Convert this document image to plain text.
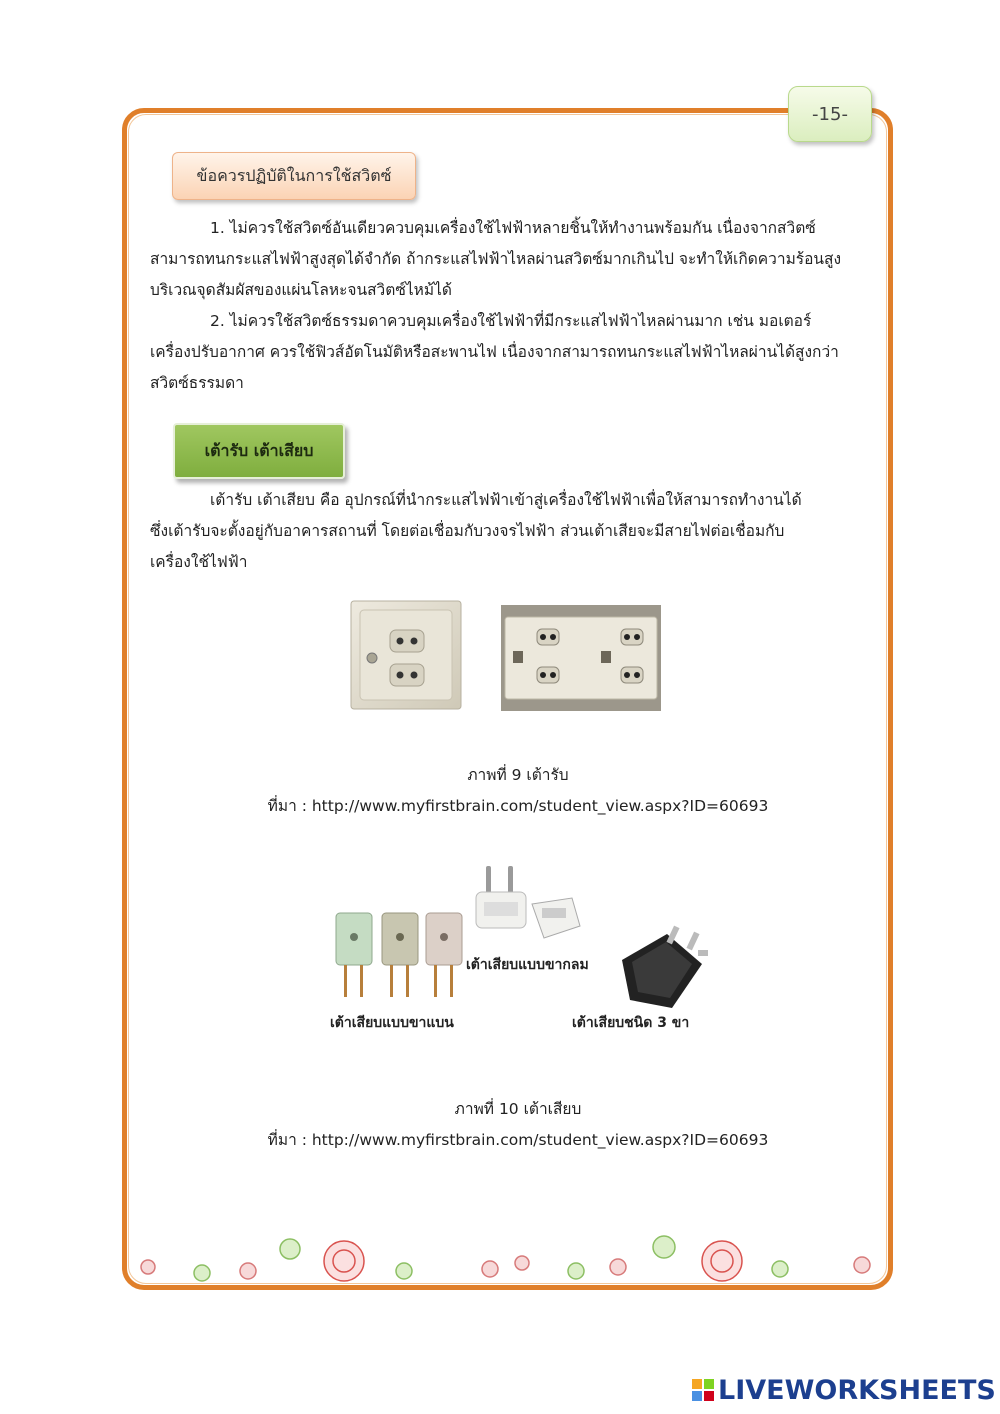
-15-
ข้อควรปฏิบัติในการใช้สวิตซ์
1. ไม่ควรใช้สวิตซ์อันเดียวควบคุมเครื่องใช้ไฟฟ้าหลายชิ้นให้ทำงานพร้อมกัน เนื่องจากสวิตซ์
สามารถทนกระแสไฟฟ้าสูงสุดได้จำกัด ถ้ากระแสไฟฟ้าไหลผ่านสวิตซ์มากเกินไป จะทำให้เกิดความร้อนสูง
บริเวณจุดสัมผัสของแผ่นโลหะจนสวิตซ์ไหม้ได้
2. ไม่ควรใช้สวิตซ์ธรรมดาควบคุมเครื่องใช้ไฟฟ้าที่มีกระแสไฟฟ้าไหลผ่านมาก เช่น มอเตอร์
เครื่องปรับอากาศ ควรใช้ฟิวส์อัตโนมัติหรือสะพานไฟ เนื่องจากสามารถทนกระแสไฟฟ้าไหลผ่านได้สูงกว่า
สวิตซ์ธรรมดา
เต้ารับ เต้าเสียบ
เต้ารับ เต้าเสียบ คือ อุปกรณ์ที่นำกระแสไฟฟ้าเข้าสู่เครื่องใช้ไฟฟ้าเพื่อให้สามารถทำงานได้
ซึ่งเต้ารับจะตั้งอยู่กับอาคารสถานที่ โดยต่อเชื่อมกับวงจรไฟฟ้า ส่วนเต้าเสียจะมีสายไฟต่อเชื่อมกับ
เครื่องใช้ไฟฟ้า
ภาพที่ 9 เต้ารับ
ที่มา : http://www.myfirstbrain.com/student_view.aspx?ID=60693
เต้าเสียบแบบขากลม
เต้าเสียบแบบขาแบน	เต้าเสียบชนิด 3 ขา
ภาพที่ 10 เต้าเสียบ
ที่มา : http://www.myfirstbrain.com/student_view.aspx?ID=60693
LIVEWORKSHEETS
